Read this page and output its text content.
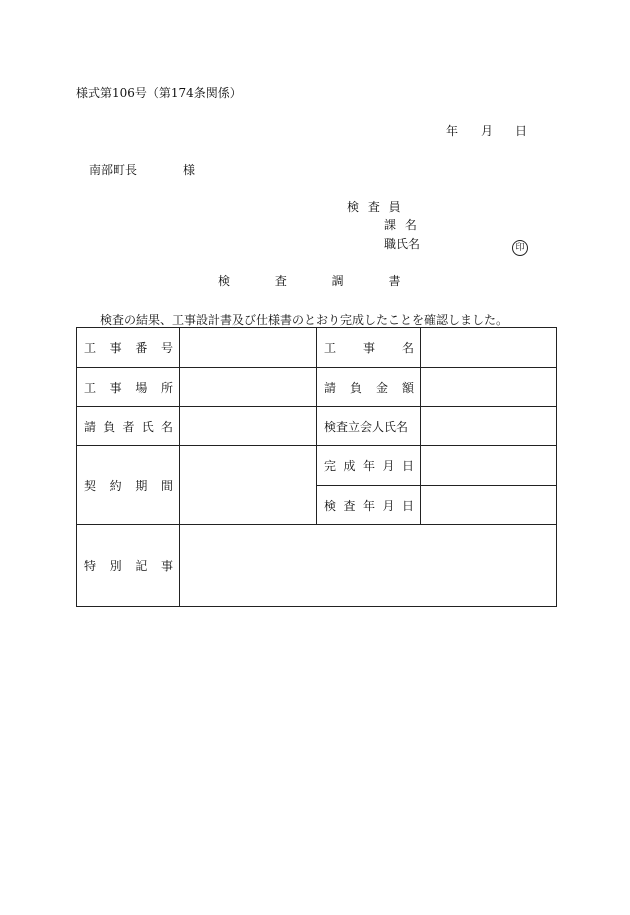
様式第106号（第174条関係）
年 月 日
南部町長	様
検 査 員
課 名
職氏名	印
検 査 調 書
検査の結果、工事設計書及び仕様書のとおり完成したことを確認しました。
工 事 番 号		工 事 名	

工 事 場 所		請 負 金 額	

請 負 者 氏 名		検査立会人氏名	

契 約 期 間		完 成 年 月 日	

		検 査 年 月 日	

特 別 記 事			
